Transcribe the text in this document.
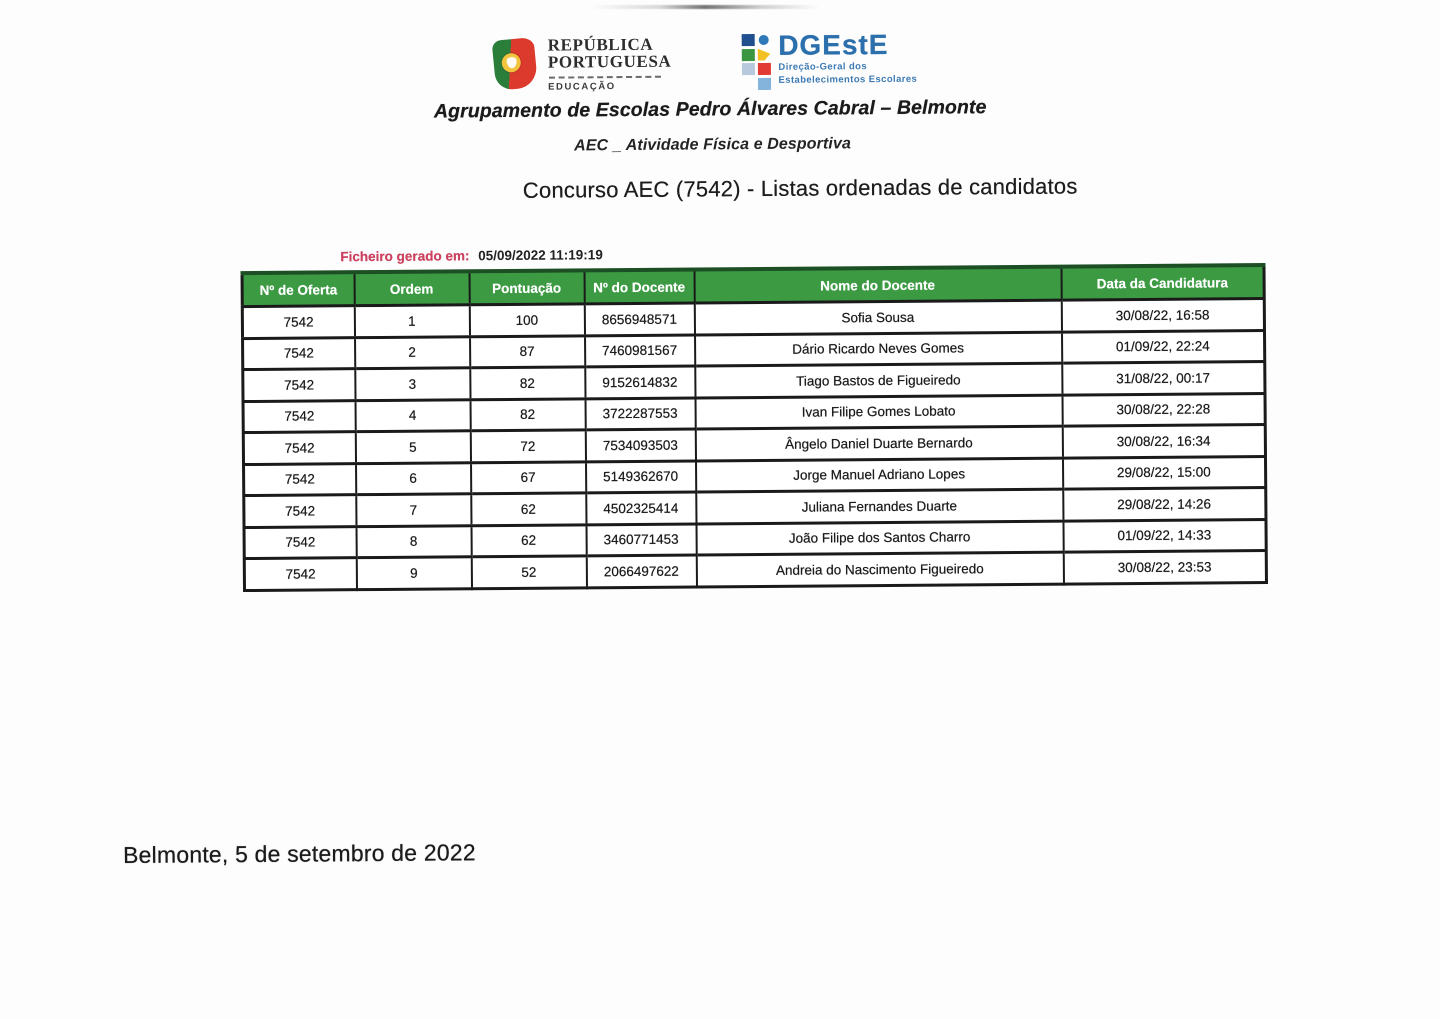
REPÚBLICA
PORTUGUESA
EDUCAÇÃO
DGEstE
Direção-Geral dos
Estabelecimentos Escolares
Agrupamento de Escolas Pedro Álvares Cabral – Belmonte
AEC _ Atividade Física e Desportiva
Concurso AEC (7542) - Listas ordenadas de candidatos
Ficheiro gerado em: 05/09/2022 11:19:19
Nº de Oferta	Ordem	Pontuação	Nº do Docente	Nome do Docente	Data da Candidatura
7542	1	100	8656948571	Sofia Sousa	30/08/22, 16:58
7542	2	87	7460981567	Dário Ricardo Neves Gomes	01/09/22, 22:24
7542	3	82	9152614832	Tiago Bastos de Figueiredo	31/08/22, 00:17
7542	4	82	3722287553	Ivan Filipe Gomes Lobato	30/08/22, 22:28
7542	5	72	7534093503	Ângelo Daniel Duarte Bernardo	30/08/22, 16:34
7542	6	67	5149362670	Jorge Manuel Adriano Lopes	29/08/22, 15:00
7542	7	62	4502325414	Juliana Fernandes Duarte	29/08/22, 14:26
7542	8	62	3460771453	João Filipe dos Santos Charro	01/09/22, 14:33
7542	9	52	2066497622	Andreia do Nascimento Figueiredo	30/08/22, 23:53
Belmonte, 5 de setembro de 2022
